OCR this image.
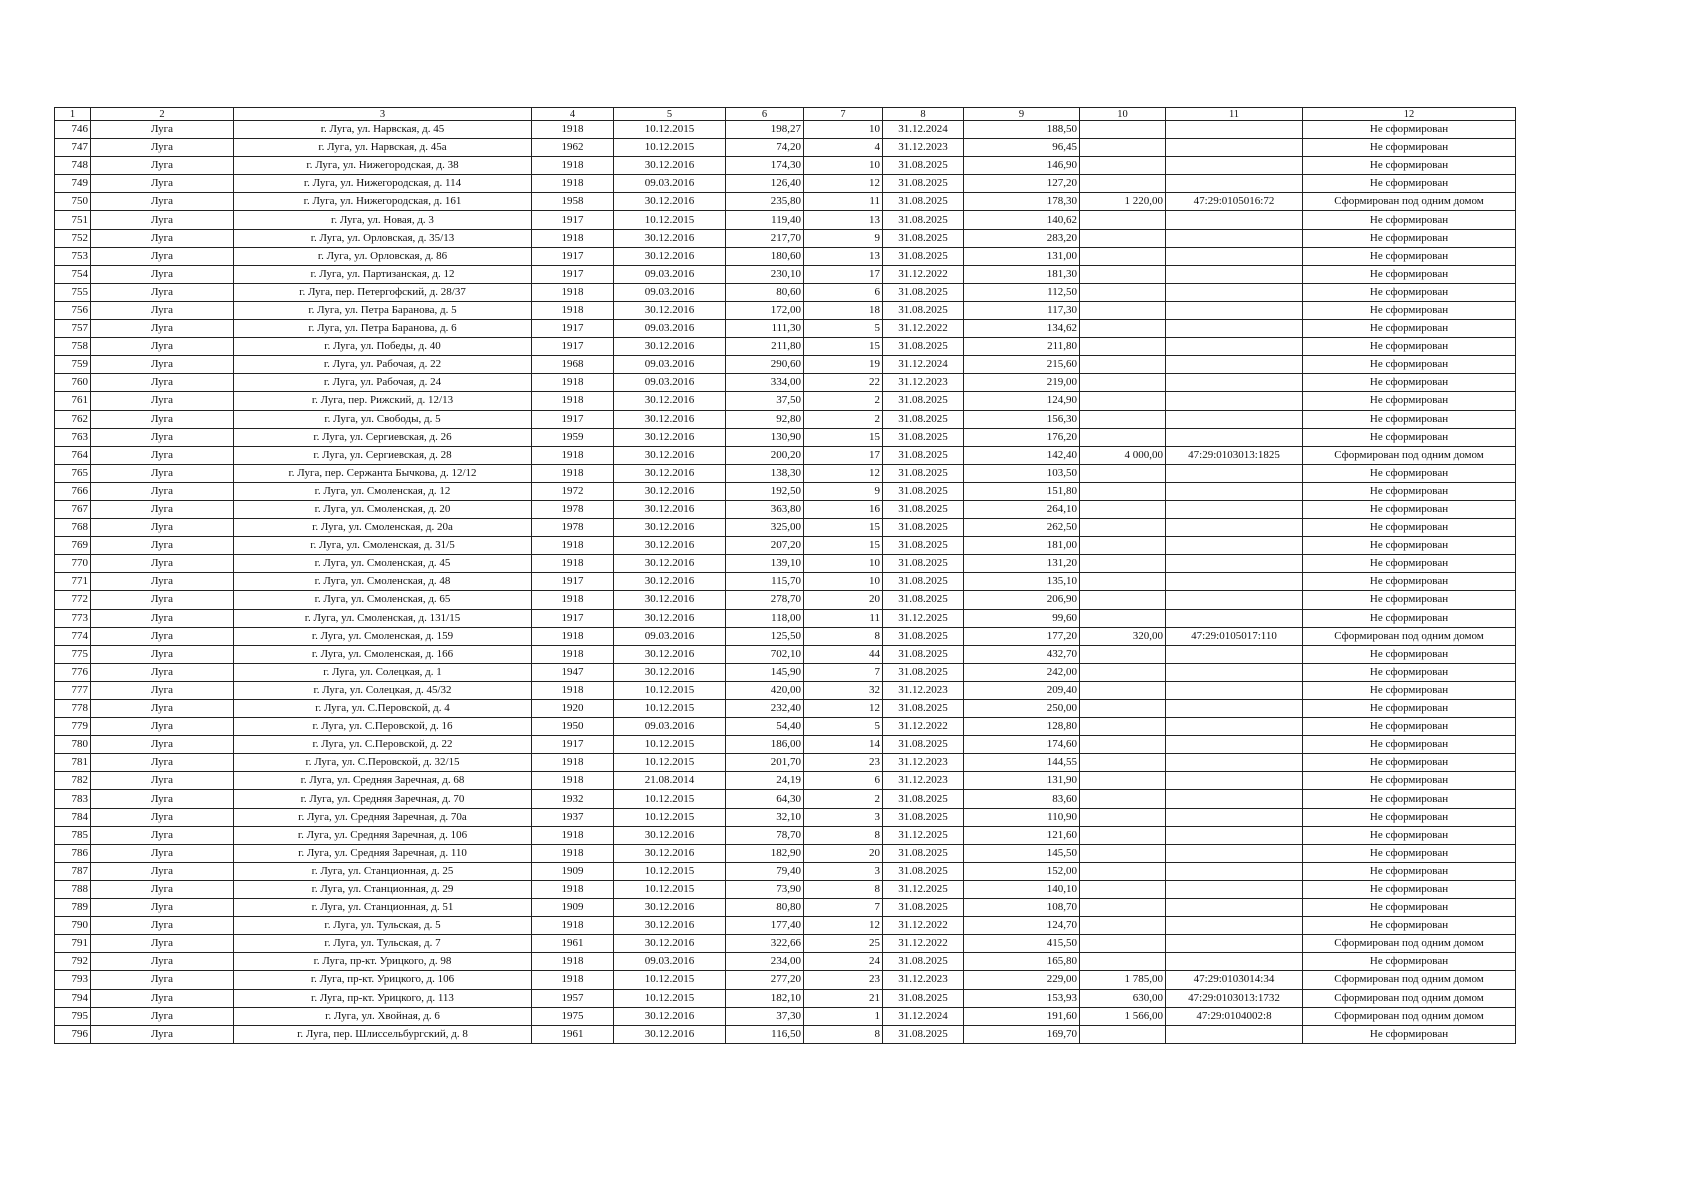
1	2	3	4	5	6	7	8	9	10	11	12
746	Луга	г. Луга, ул. Нарвская, д. 45	1918	10.12.2015	198,27	10	31.12.2024	188,50			Не сформирован
747	Луга	г. Луга, ул. Нарвская, д. 45а	1962	10.12.2015	74,20	4	31.12.2023	96,45			Не сформирован
748	Луга	г. Луга, ул. Нижегородская, д. 38	1918	30.12.2016	174,30	10	31.08.2025	146,90			Не сформирован
749	Луга	г. Луга, ул. Нижегородская, д. 114	1918	09.03.2016	126,40	12	31.08.2025	127,20			Не сформирован
750	Луга	г. Луга, ул. Нижегородская, д. 161	1958	30.12.2016	235,80	11	31.08.2025	178,30	1 220,00	47:29:0105016:72	Сформирован под одним домом
751	Луга	г. Луга, ул. Новая, д. 3	1917	10.12.2015	119,40	13	31.08.2025	140,62			Не сформирован
752	Луга	г. Луга, ул. Орловская, д. 35/13	1918	30.12.2016	217,70	9	31.08.2025	283,20			Не сформирован
753	Луга	г. Луга, ул. Орловская, д. 86	1917	30.12.2016	180,60	13	31.08.2025	131,00			Не сформирован
754	Луга	г. Луга, ул. Партизанская, д. 12	1917	09.03.2016	230,10	17	31.12.2022	181,30			Не сформирован
755	Луга	г. Луга, пер. Петергофский, д. 28/37	1918	09.03.2016	80,60	6	31.08.2025	112,50			Не сформирован
756	Луга	г. Луга, ул. Петра Баранова, д. 5	1918	30.12.2016	172,00	18	31.08.2025	117,30			Не сформирован
757	Луга	г. Луга, ул. Петра Баранова, д. 6	1917	09.03.2016	111,30	5	31.12.2022	134,62			Не сформирован
758	Луга	г. Луга, ул. Победы, д. 40	1917	30.12.2016	211,80	15	31.08.2025	211,80			Не сформирован
759	Луга	г. Луга, ул. Рабочая, д. 22	1968	09.03.2016	290,60	19	31.12.2024	215,60			Не сформирован
760	Луга	г. Луга, ул. Рабочая, д. 24	1918	09.03.2016	334,00	22	31.12.2023	219,00			Не сформирован
761	Луга	г. Луга, пер. Рижский, д. 12/13	1918	30.12.2016	37,50	2	31.08.2025	124,90			Не сформирован
762	Луга	г. Луга, ул. Свободы, д. 5	1917	30.12.2016	92,80	2	31.08.2025	156,30			Не сформирован
763	Луга	г. Луга, ул. Сергиевская, д. 26	1959	30.12.2016	130,90	15	31.08.2025	176,20			Не сформирован
764	Луга	г. Луга, ул. Сергиевская, д. 28	1918	30.12.2016	200,20	17	31.08.2025	142,40	4 000,00	47:29:0103013:1825	Сформирован под одним домом
765	Луга	г. Луга, пер. Сержанта Бычкова, д. 12/12	1918	30.12.2016	138,30	12	31.08.2025	103,50			Не сформирован
766	Луга	г. Луга, ул. Смоленская, д. 12	1972	30.12.2016	192,50	9	31.08.2025	151,80			Не сформирован
767	Луга	г. Луга, ул. Смоленская, д. 20	1978	30.12.2016	363,80	16	31.08.2025	264,10			Не сформирован
768	Луга	г. Луга, ул. Смоленская, д. 20а	1978	30.12.2016	325,00	15	31.08.2025	262,50			Не сформирован
769	Луга	г. Луга, ул. Смоленская, д. 31/5	1918	30.12.2016	207,20	15	31.08.2025	181,00			Не сформирован
770	Луга	г. Луга, ул. Смоленская, д. 45	1918	30.12.2016	139,10	10	31.08.2025	131,20			Не сформирован
771	Луга	г. Луга, ул. Смоленская, д. 48	1917	30.12.2016	115,70	10	31.08.2025	135,10			Не сформирован
772	Луга	г. Луга, ул. Смоленская, д. 65	1918	30.12.2016	278,70	20	31.08.2025	206,90			Не сформирован
773	Луга	г. Луга, ул. Смоленская, д. 131/15	1917	30.12.2016	118,00	11	31.12.2025	99,60			Не сформирован
774	Луга	г. Луга, ул. Смоленская, д. 159	1918	09.03.2016	125,50	8	31.08.2025	177,20	320,00	47:29:0105017:110	Сформирован под одним домом
775	Луга	г. Луга, ул. Смоленская, д. 166	1918	30.12.2016	702,10	44	31.08.2025	432,70			Не сформирован
776	Луга	г. Луга, ул. Солецкая, д. 1	1947	30.12.2016	145,90	7	31.08.2025	242,00			Не сформирован
777	Луга	г. Луга, ул. Солецкая, д. 45/32	1918	10.12.2015	420,00	32	31.12.2023	209,40			Не сформирован
778	Луга	г. Луга, ул. С.Перовской, д. 4	1920	10.12.2015	232,40	12	31.08.2025	250,00			Не сформирован
779	Луга	г. Луга, ул. С.Перовской, д. 16	1950	09.03.2016	54,40	5	31.12.2022	128,80			Не сформирован
780	Луга	г. Луга, ул. С.Перовской, д. 22	1917	10.12.2015	186,00	14	31.08.2025	174,60			Не сформирован
781	Луга	г. Луга, ул. С.Перовской, д. 32/15	1918	10.12.2015	201,70	23	31.12.2023	144,55			Не сформирован
782	Луга	г. Луга, ул. Средняя Заречная, д. 68	1918	21.08.2014	24,19	6	31.12.2023	131,90			Не сформирован
783	Луга	г. Луга, ул. Средняя Заречная, д. 70	1932	10.12.2015	64,30	2	31.08.2025	83,60			Не сформирован
784	Луга	г. Луга, ул. Средняя Заречная, д. 70а	1937	10.12.2015	32,10	3	31.08.2025	110,90			Не сформирован
785	Луга	г. Луга, ул. Средняя Заречная, д. 106	1918	30.12.2016	78,70	8	31.12.2025	121,60			Не сформирован
786	Луга	г. Луга, ул. Средняя Заречная, д. 110	1918	30.12.2016	182,90	20	31.08.2025	145,50			Не сформирован
787	Луга	г. Луга, ул. Станционная, д. 25	1909	10.12.2015	79,40	3	31.08.2025	152,00			Не сформирован
788	Луга	г. Луга, ул. Станционная, д. 29	1918	10.12.2015	73,90	8	31.12.2025	140,10			Не сформирован
789	Луга	г. Луга, ул. Станционная, д. 51	1909	30.12.2016	80,80	7	31.08.2025	108,70			Не сформирован
790	Луга	г. Луга, ул. Тульская, д. 5	1918	30.12.2016	177,40	12	31.12.2022	124,70			Не сформирован
791	Луга	г. Луга, ул. Тульская, д. 7	1961	30.12.2016	322,66	25	31.12.2022	415,50			Сформирован под одним домом
792	Луга	г. Луга, пр-кт. Урицкого, д. 98	1918	09.03.2016	234,00	24	31.08.2025	165,80			Не сформирован
793	Луга	г. Луга, пр-кт. Урицкого, д. 106	1918	10.12.2015	277,20	23	31.12.2023	229,00	1 785,00	47:29:0103014:34	Сформирован под одним домом
794	Луга	г. Луга, пр-кт. Урицкого, д. 113	1957	10.12.2015	182,10	21	31.08.2025	153,93	630,00	47:29:0103013:1732	Сформирован под одним домом
795	Луга	г. Луга, ул. Хвойная, д. 6	1975	30.12.2016	37,30	1	31.12.2024	191,60	1 566,00	47:29:0104002:8	Сформирован под одним домом
796	Луга	г. Луга, пер. Шлиссельбургский, д. 8	1961	30.12.2016	116,50	8	31.08.2025	169,70			Не сформирован
